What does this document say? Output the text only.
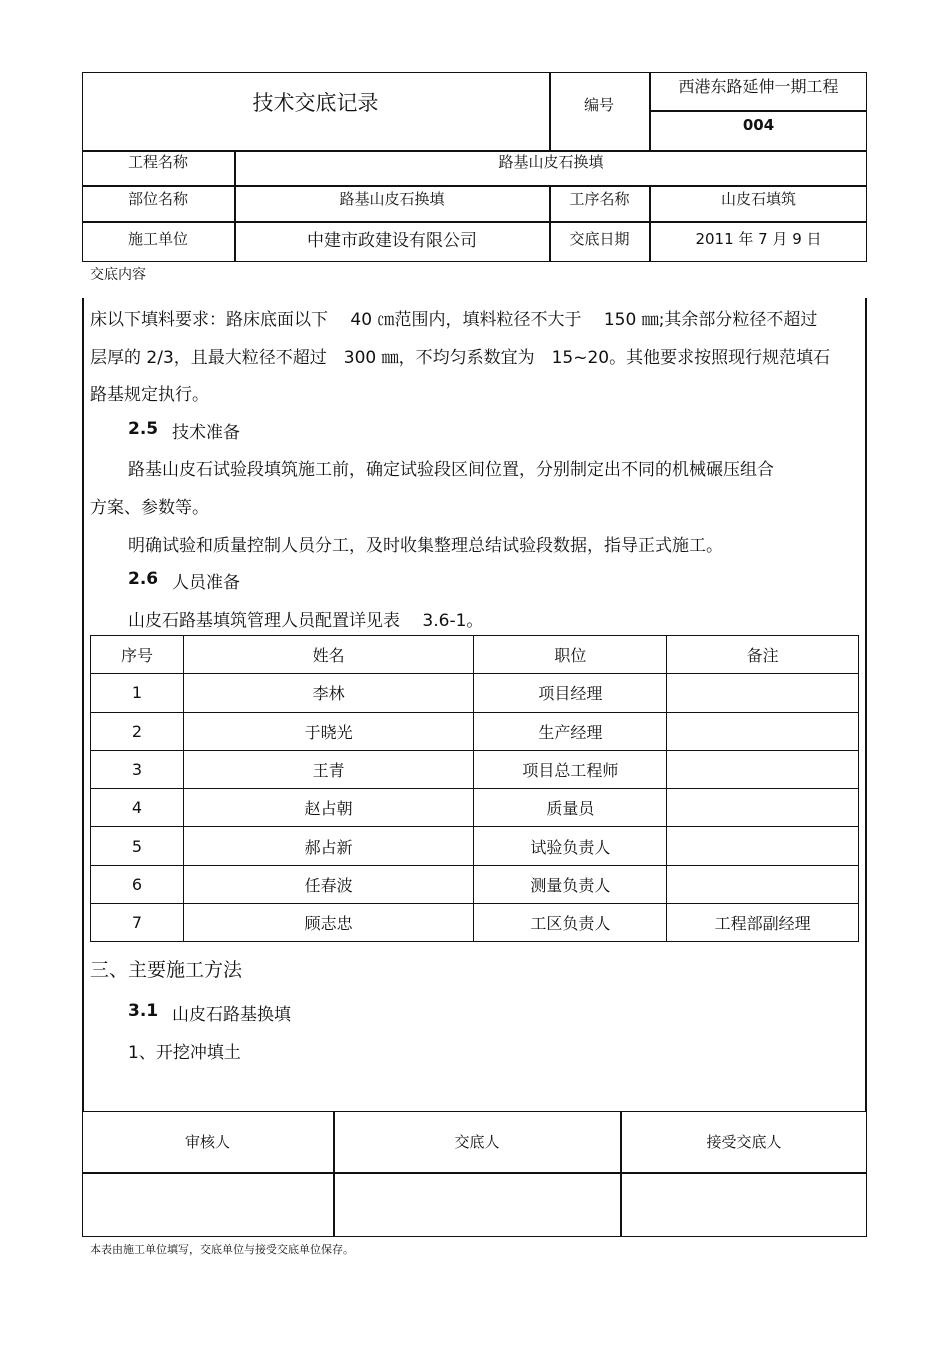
技术交底记录	编号
西港东路延伸一期工程
004
工程名称	路基山皮石换填
部位名称	路基山皮石换填	工序名称	山皮石填筑
施工单位	中建市政建设有限公司	交底日期	2011 年 7 月 9 日
交底内容
床以下填料要求：路床底面以下　 40 ㎝范围内，填料粒径不大于　 150 ㎜;其余部分粒径不超过
层厚的 2/3，且最大粒径不超过　300 ㎜，不均匀系数宜为　15~20。其他要求按照现行规范填石
路基规定执行。
2.5 技术准备
路基山皮石试验段填筑施工前，确定试验段区间位置，分别制定出不同的机械碾压组合
方案、参数等。
明确试验和质量控制人员分工，及时收集整理总结试验段数据，指导正式施工。
2.6 人员准备
山皮石路基填筑管理人员配置详见表　 3.6-1。
序号	姓名	职位	备注
1	李林	项目经理	
2	于晓光	生产经理	
3	王青	项目总工程师	
4	赵占朝	质量员	
5	郝占新	试验负责人	
6	任春波	测量负责人	
7	顾志忠	工区负责人	工程部副经理
三、主要施工方法
3.1 山皮石路基换填
1、开挖冲填土
审核人	交底人	接受交底人
本表由施工单位填写，交底单位与接受交底单位保存。
